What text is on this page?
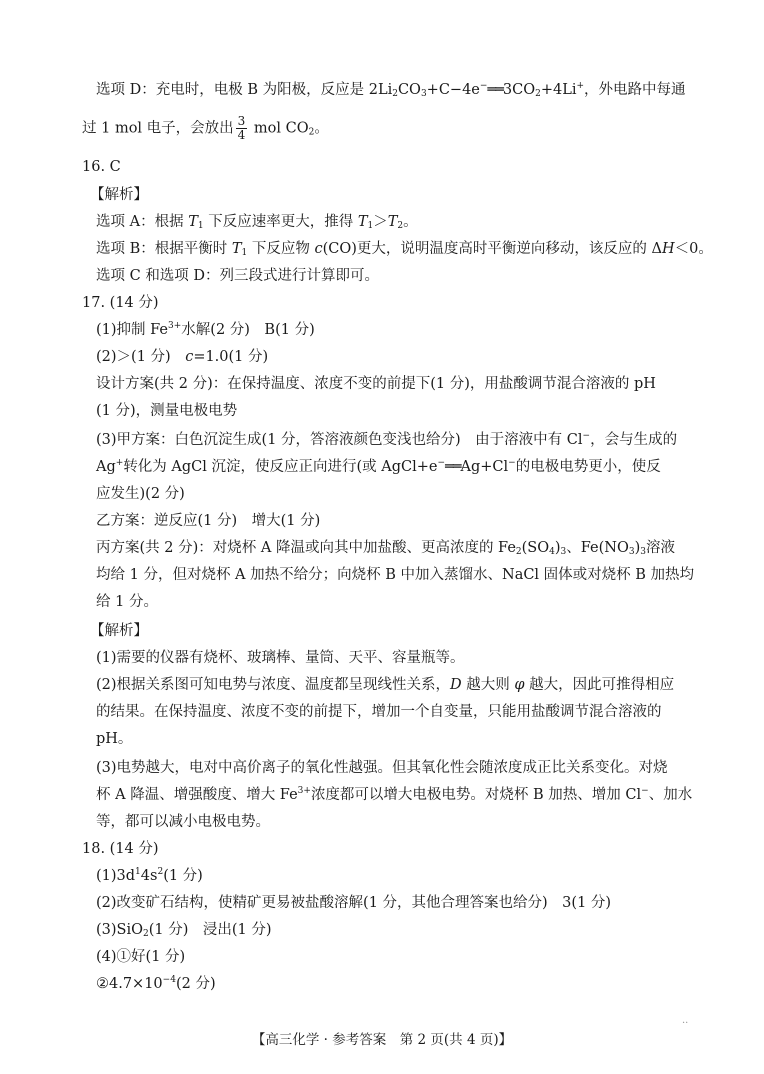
选项 D：充电时，电极 B 为阳极，反应是 $2Li_2CO_3+C-4e^-══3CO_2+4Li^+$，外电路中每通
过 1 mol 电子，会放出 $\frac{3}{4}$ mol $CO_2$。
16. C
【解析】
选项 A：根据 $T_1$ 下反应速率更大，推得 $T_1>T_2$。
选项 B：根据平衡时 $T_1$ 下反应物 c(CO)更大，说明温度高时平衡逆向移动，该反应的 ΔH＜0。
选项 C 和选项 D：列三段式进行计算即可。
17. (14 分)
(1)抑制 $Fe^{3+}$水解(2 分)　B(1 分)
(2)＞(1 分)　c=1.0(1 分)
设计方案(共 2 分)：在保持温度、浓度不变的前提下(1 分)，用盐酸调节混合溶液的 pH
(1 分)，测量电极电势
(3)甲方案：白色沉淀生成(1 分，答溶液颜色变浅也给分)　由于溶液中有 Cl−，会与生成的
Ag+转化为 AgCl 沉淀，使反应正向进行(或 AgCl+e−══Ag+Cl−的电极电势更小，使反
应发生)(2 分)
乙方案：逆反应(1 分)　增大(1 分)
丙方案(共 2 分)：对烧杯 A 降温或向其中加盐酸、更高浓度的 $Fe_2(SO_4)_3$、$Fe(NO_3)_3$溶液
均给 1 分，但对烧杯 A 加热不给分；向烧杯 B 中加入蒸馏水、NaCl 固体或对烧杯 B 加热均
给 1 分。
【解析】
(1)需要的仪器有烧杯、玻璃棒、量筒、天平、容量瓶等。
(2)根据关系图可知电势与浓度、温度都呈现线性关系，D 越大则 φ 越大，因此可推得相应
的结果。在保持温度、浓度不变的前提下，增加一个自变量，只能用盐酸调节混合溶液的
pH。
(3)电势越大，电对中高价离子的氧化性越强。但其氧化性会随浓度成正比关系变化。对烧
杯 A 降温、增强酸度、增大 $Fe^{3+}$浓度都可以增大电极电势。对烧杯 B 加热、增加 Cl−、加水
等，都可以减小电极电势。
18. (14 分)
$(1)3d^14s^2(1$ 分)
(2)改变矿石结构，使精矿更易被盐酸溶解(1 分，其他合理答案也给分)　3(1 分)
(3)SiO$_2$(1 分)　浸出(1 分)
(4)①好(1 分)
$②4.7\times 10^{-4}(2$ 分)
··
【高三化学 · 参考答案　第 2 页(共 4 页)】
